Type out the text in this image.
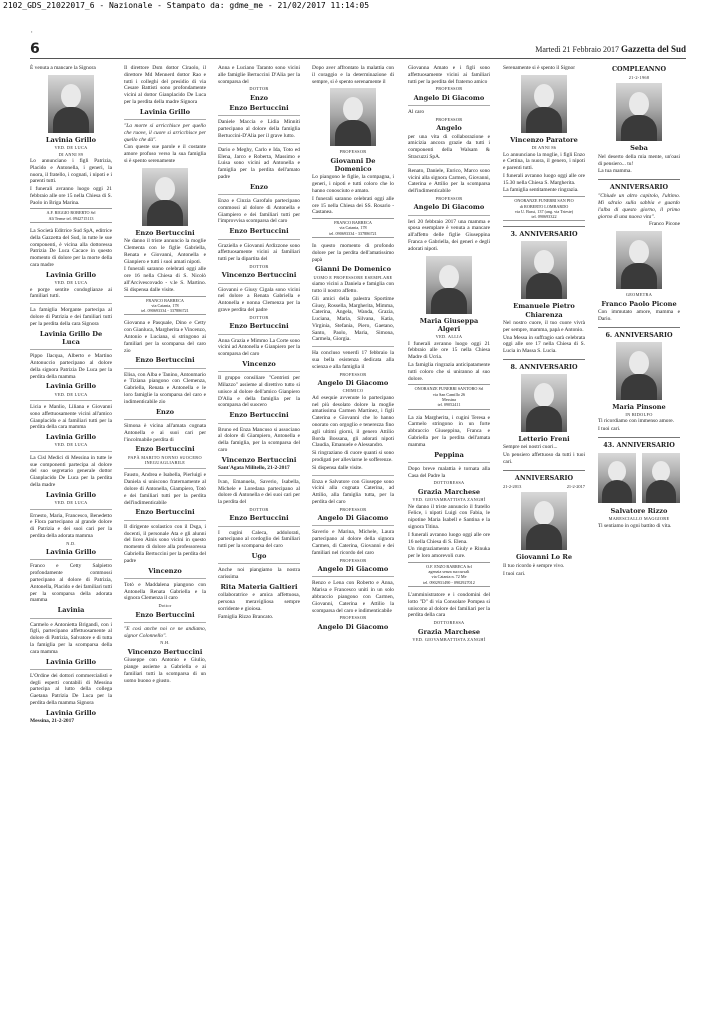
2102_GDS_21022017_6 - Nazionale - Stampato da: gdme_me - 21/02/2017 11:14:05
'
6	Martedì 21 Febbraio 2017 Gazzetta del Sud

È venuta a mancare la Signora

Lavinia Grillo
VED. DE LUCA
DI ANNI 89

Lo annunciano i figli Patrizia, Placido e Antonella, i generi, la nuora, il fratello, i cognati, i nipoti e i parenti tutti.

I funerali avranno luogo oggi 21 febbraio alle ore 15 nella Chiesa di S. Paolo in Briga Marina.

A.F. RIGGIO ROBERTO Srl
Alì Terme tel. 0942715113

La Società Editrice Sud SpA, editrice della Gazzetta del Sud, in tutte le sue componenti, è vicina alla dottoressa Patrizia De Luca Cacace in questo momento di dolore per la morte della cara madre

Lavinia Grillo
VED. DE LUCA

e porge sentite condoglianze ai familiari tutti.

La famiglia Morgante partecipa al dolore di Patrizia e dei familiari tutti per la perdita della cara Signora

Lavinia Grillo De Luca

Pippo Ilacqua, Alberto e Martino Antonuccio partecipano al dolore della signora Patrizia De Luca per la perdita della mamma

Lavinia Grillo
VED. DE LUCA

Licia e Manlio, Liliana e Giovanni sono affettuosamente vicini all'amico Gianplacido e ai familiari tutti per la perdita della cara mamma

Lavinia Grillo
VED. DE LUCA

La Cisl Medici di Messina in tutte le sue componenti partecipa al dolore del suo segretario generale dottor Gianplacido De Luca per la perdita della madre

Lavinia Grillo
VED. DE LUCA

Ernesto, Maria, Francesco, Benedetto e Flora partecipano al grande dolore di Patrizia e dei suoi cari per la perdita della adorata mamma

N.D.
Lavinia Grillo

Franco e Cetty Salpietro profondamente commossi partecipano al dolore di Patrizia, Antonella, Placido e dei familiari tutti per la scomparsa della adorata mamma

Lavinia

Carmelo e Antonietta Brigandì, con i figli, partecipano affettuosamente al dolore di Patrizia, Salvatore e di tutta la famiglia per la scomparsa della cara mamma

Lavinia Grillo

L'Ordine dei dottori commercialisti e degli esperti contabili di Messina partecipa al lutto della collega Gaetana Patrizia De Luca per la perdita della mamma Signora

Lavinia Grillo

Messina, 21-2-2017

Il direttore Dsm dottor Ciraolo, il direttore Md Mennerd dottor Rao e tutti i colleghi del presidio di via Cesare Battisti sono profondamente vicini al dottor Gianplacido De Luca per la perdita della madre Signora

Lavinia Grillo

"La morte si arricchisce per quello che ruove, il cuore si arricchisce per quello che dà".

Con queste sue parole e il costante amore profuso verso la sua famiglia si è spento serenamente

Enzo Bertuccini

Ne danno il triste annuncio la moglie Clementa con le figlie Gabriella, Renata e Giovanni, Antonella e Gianpiero e tutti i suoi amati nipoti.

I funerali saranno celebrati oggi alle ore 16 nella Chiesa di S. Nicolò all'Arcivescovado - v.le S. Martino. Si dispensa dalle visite.

FRANCO BARRECA
via Catania, 178
tel. 090693334 - 337886721

Giovanna e Pasquale, Dino e Cetty con Gianluca, Margherita e Vincenzo, Antonio e Luciana, si stringono ai familiari per la scomparsa del caro zio

Enzo Bertuccini

Elisa, con Alba e Tanino, Antonmario e Tiziana piangono con Clemenza, Gabriella, Renata e Antonella e le loro famiglie la scomparsa del caro e indimenticabile zio

Enzo

Simona è vicina all'amata cognata Antonella e ai suoi cari per l'incolmabile perdita di

Enzo Bertuccini
PAPÀ MARITO NONNO SUOCERO INEGUAGLIABILE

Fausto, Andrea e Isabella, Pierluigi e Daniela si uniscono fraternamente al dolore di Antonella, Giampiero, Totò e dei familiari tutti per la perdita dell'indimenticabile

Enzo Bertuccini

Il dirigente scolastico con il Dsga, i docenti, il personale Ata e gli alunni del liceo Ainis sono vicini in questo momento di dolore alla professoressa Gabriella Bertuccini per la perdita del padre

Vincenzo

Totò e Maddalena piangono con Antonella Renata Gabriella e la signora Clemenza il caro

Dottor
Enzo Bertuccini

"E così anche noi ce ne andiamo, signor Colonnello".

N.H.
Vincenzo Bertuccini

Giuseppe con Antonio e Giulio, piange assieme a Gabriella e ai familiari tutti la scomparsa di un uomo buono e giusto.

Anna e Luciano Taranto sono vicini alle famiglie Bertuccini D'Alia per la scomparsa del

DOTTOR
Enzo
Enzo Bertuccini

Daniele Maccia e Lidia Minniti partecipano al dolore della famiglia Bertuccini-D'Alia per il grave lutto.

Dario e Meghy, Carlo e Ida, Toto ed Elena, Jarco e Roberta, Massimo e Luisa sono vicini ad Antonella e famiglia per la perdita dell'amato padre

Enzo

Enzo e Cinzia Garofalo partecipano commossi al dolore di Antonella e Giampiero e dei familiari tutti per l'improvvisa scomparsa del caro

Enzo Bertuccini

Graziella e Giovanni Ardizzone sono affettuosamente vicini ai familiari tutti per la dipartita del

DOTTOR
Vincenzo Bertuccini

Giovanni e Giusy Cigala sono vicini nel dolore a Renata Gabriella e Antonella e nonna Clemenza per la grave perdita del padre

DOTTOR
Enzo Bertuccini

Anna Grazia e Mimmo La Corte sono vicini ad Antonella e Gianpiero per la scomparsa del caro

Vincenzo

Il gruppo consiliare "Centristi per Milazzo" assieme al direttivo tutto si unisce al dolore dell'amico Gianpiero D'Alia e della famiglia per la scomparsa del suocero

Enzo Bertuccini

Bruno ed Enza Mancuso si associano al dolore di Giampiero, Antonella e della famiglia, per la scomparsa del caro

Vincenzo Bertuccini

Sant'Agata Militello, 21-2-2017

Ivan, Emanuela, Saverio, Isabella, Michele e Loredana partecipano al dolore di Antonella e dei suoi cari per la perdita del

DOTTOR
Enzo Bertuccini

I cugini Caleca, addolorati, partecipano al cordoglio dei familiari tutti per la scomparsa del caro

Ugo

Anche noi piangiamo la nostra carissima

Rita Materia Galtieri

collaboratrice e amica affettuosa, persona meravigliosa sempre sorridente e gioiosa.

Famiglia Rizzo Brancato.

Dopo aver affrontato la malattia con il coraggio e la determinazione di sempre, si è spento serenamente il

PROFESSOR
Giovanni De Domenico

Lo piangono le figlie, la compagna, i generi, i nipoti e tutti coloro che lo hanno conosciuto e amato.

I funerali saranno celebrati oggi alle ore 15 nella Chiesa dei SS. Rosario - Castanea.

FRANCO BARRECA
via Catania, 178
tel. 090693334 - 337886721

In questo momento di profondo dolore per la perdita dell'amatissimo papà

Gianni De Domenico
UOMO E PROFESSORE ESEMPLARE

siamo vicini a Daniela e famiglia con tutto il nostro affetto.

Gli amici della palestra Sportime Giusy, Rossella, Margherita, Mimma, Caterina, Angela, Wanda, Grazia, Luciana, Maria, Silvana, Katia, Virginia, Stefania, Piero, Gaetano, Santo, Paolo, Maria, Simona, Carmela, Giorgia.

Ha concluso venerdì 17 febbraio la sua bella esistenza dedicata alla scienza e alla famiglia il

PROFESSOR
Angelo Di Giacomo
CHIMICO

Ad esequie avvenute lo partecipano nel più desolato dolore la moglie amatissima Carmen Martinez, i figli Caterina e Giovanni che lo hanno onorato con orgoglio e tenerezza fino agli ultimi giorni, il genero Attilio Borda Bossana, gli adorati nipoti Claudia, Emanuele e Alessandro.

Si ringraziano di cuore quanti si sono prodigati per alleviarne le sofferenze.

Si dispensa dalle visite.

Enza e Salvatore con Giuseppe sono vicini alla cognata Caterina, ad Attilio, alla famiglia tutta, per la perdita del caro

PROFESSOR
Angelo Di Giacomo

Saverio e Marina, Michele, Laura partecipano al dolore della signora Carmen, di Caterina, Giovanni e dei familiari nel ricordo del caro

PROFESSOR
Angelo Di Giacomo

Renzo e Lena con Roberto e Anna, Marisa e Francesco uniti in un solo abbraccio piangono con Carmen, Giovanni, Caterina e Attilio la scomparsa del caro e indimenticabile

PROFESSOR
Angelo Di Giacomo

Giovanna Amato e i figli sono affettuosamente vicini ai familiari tutti per la perdita del fraterno amico

PROFESSOR
Angelo Di Giacomo

Al caro

PROFESSOR
Angelo

per una vita di collaborazione e amicizia ancora grazie da tutti i componenti della Walsam & Stracuzzi SpA.

Renato, Daniele, Enrico, Marco sono vicini alla signora Carmen, Giovanni, Caterina e Attilio per la scomparsa dell'indimenticabile

PROFESSOR
Angelo Di Giacomo

Ieri 20 febbraio 2017 una mamma e sposa esemplare è venuta a mancare all'affetto delle figlie Giuseppina Franca e Gabriella, dei generi e degli adorati nipoti.

Maria Giuseppa Algeri
VED. ALLIA

I funerali avranno luogo oggi 21 febbraio alle ore 15 nella Chiesa Madre di Ucria.

La famiglia ringrazia anticipatamente tutti coloro che si uniranno al suo dolore.

ONORANZE FUNEBRI SANTORO Srl
via San Camillo 26
Messina
tel. 09052411

La zia Margherita, i cugini Teresa e Carmelo stringono in un forte abbraccio Giuseppina, Franca e Gabriella per la perdita dell'amata mamma

Peppina

Dopo breve malattia è tornata alla Casa del Padre la

DOTTORESSA
Grazia Marchese
VED. GIOVAMBATTISTA ZANGHÌ

Ne danno il triste annuncio il fratello Felice, i nipoti Luigi con Fabia, le nipotine Maria Isabell e Santina e la signora Titina.

I funerali avranno luogo oggi alle ore 16 nella Chiesa di S. Elena.

Un ringraziamento a Giuly e Rinuka per le loro amorevoli cure.

O.F. ENZO BARRECA Srl
agenzia senza succursali
via Catania n. 72 Me
tel. 0902931490 - 0902927012

L'amministratore e i condomini del lotto "D" di via Consolare Pompea si uniscono al dolore dei familiari per la perdita della cara

DOTTORESSA
Grazia Marchese
VED. GIOVAMBATTISTA ZANGHÌ

Serenamente si è spento il Signor

Vincenzo Paratore
DI ANNI 86

Lo annunciano la moglie, i figli Enzo e Cettina, la nuora, il genero, i nipoti e parenti tutti.

I funerali avranno luogo oggi alle ore 15.30 nella Chiesa S. Margherita.

La famiglia sentitamente ringrazia.

ONORANZE FUNEBRI SAN PIO
di ROBERTO LOMBARDO
via U. Bassi, 137 (ang. via Trieste)
tel. 090693322
3. ANNIVERSARIO
Emanuele Pietro Chiarenza

Nel nostro cuore, il tuo cuore vivrà per sempre, mamma, papà e Antonio.

Una Messa in suffragio sarà celebrata oggi alle ore 17 nella Chiesa di S. Lucia in Massa S. Lucia.

8. ANNIVERSARIO
Letterio Freni

Sempre nei nostri cuori...

Un pensiero affettuoso da tutti i tuoi cari.

ANNIVERSARIO
21-2-2013	21-2-2017
Giovanni Lo Re

Il tuo ricordo è sempre vivo.

I tuoi cari.

COMPLEANNO
21-2-1968
Seba

Nel deserto della mia mente, un'oasi di pensiero... tu!

La tua mamma.

ANNIVERSARIO

"Chiude un altro capitolo, l'ultimo. Mi sdraio sulla sabbia e guardo l'alba di questo giorno, il primo giorno di una nuova vita".

Franco Picone

GEOMETRA
Franco Paolo Picone

Con immutato amore, mamma e Dario.

6. ANNIVERSARIO
Maria Pinsone
IN RIDOLFO

Ti ricordiamo con immenso amore.

I tuoi cari.

43. ANNIVERSARIO
Salvatore Rizzo
MARESCIALLO MAGGIORE

Ti sentiamo in ogni battito di vita.
